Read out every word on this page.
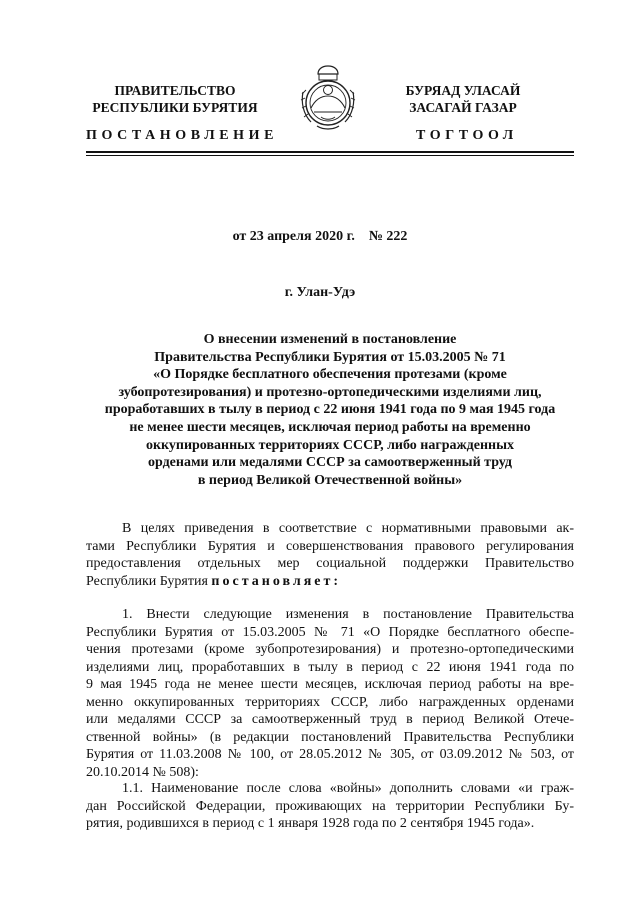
ПРАВИТЕЛЬСТВО
РЕСПУБЛИКИ БУРЯТИЯ
БУРЯАД УЛАСАЙ
ЗАСАГАЙ ГАЗАР
ПОСТАНОВЛЕНИЕ	ТОГТООЛ
от 23 апреля 2020 г. № 222
г. Улан-Удэ
О внесении изменений в постановление
Правительства Республики Бурятия от 15.03.2005 № 71
«О Порядке бесплатного обеспечения протезами (кроме
зубопротезирования) и протезно-ортопедическими изделиями лиц,
проработавших в тылу в период с 22 июня 1941 года по 9 мая 1945 года
не менее шести месяцев, исключая период работы на временно
оккупированных территориях СССР, либо награжденных
орденами или медалями СССР за самоотверженный труд
в период Великой Отечественной войны»
В целях приведения в соответствие с нормативными правовыми ак-
тами Республики Бурятия и совершенствования правового регулирования
предоставления отдельных мер социальной поддержки Правительство
Республики Бурятия постановляет:
1. Внести следующие изменения в постановление Правительства
Республики Бурятия от 15.03.2005 № 71 «О Порядке бесплатного обеспе-
чения протезами (кроме зубопротезирования) и протезно-ортопедическими
изделиями лиц, проработавших в тылу в период с 22 июня 1941 года по
9 мая 1945 года не менее шести месяцев, исключая период работы на вре-
менно оккупированных территориях СССР, либо награжденных орденами
или медалями СССР за самоотверженный труд в период Великой Отече-
ственной войны» (в редакции постановлений Правительства Республики
Бурятия от 11.03.2008 № 100, от 28.05.2012 № 305, от 03.09.2012 № 503, от
20.10.2014 № 508):
1.1. Наименование после слова «войны» дополнить словами «и граж-
дан Российской Федерации, проживающих на территории Республики Бу-
рятия, родившихся в период с 1 января 1928 года по 2 сентября 1945 года».
